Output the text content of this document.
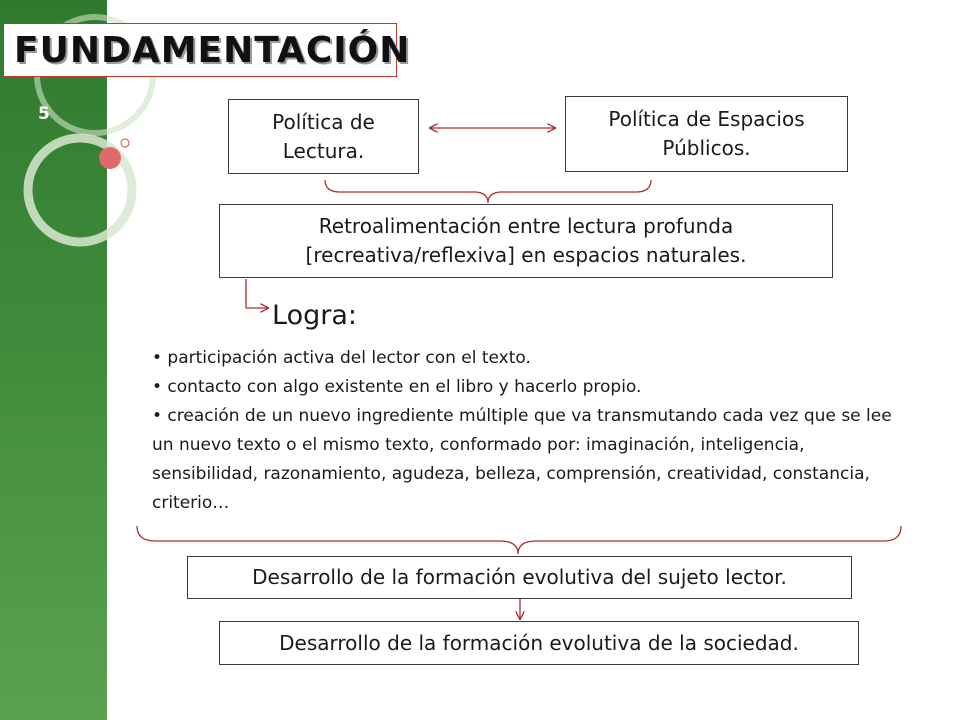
5
FUNDAMENTACIÓN
Política de Lectura.
Política de Espacios Públicos.
Retroalimentación entre lectura profunda [recreativa/reflexiva] en espacios naturales.
Logra:
• participación activa del lector con el texto.
• contacto con algo existente en el libro y hacerlo propio.
• creación de un nuevo ingrediente múltiple que va transmutando cada vez que se lee un nuevo texto o el mismo texto, conformado por: imaginación, inteligencia, sensibilidad, razonamiento, agudeza, belleza, comprensión, creatividad, constancia, criterio…
Desarrollo de la formación evolutiva del sujeto lector.
Desarrollo de la formación evolutiva de la sociedad.
